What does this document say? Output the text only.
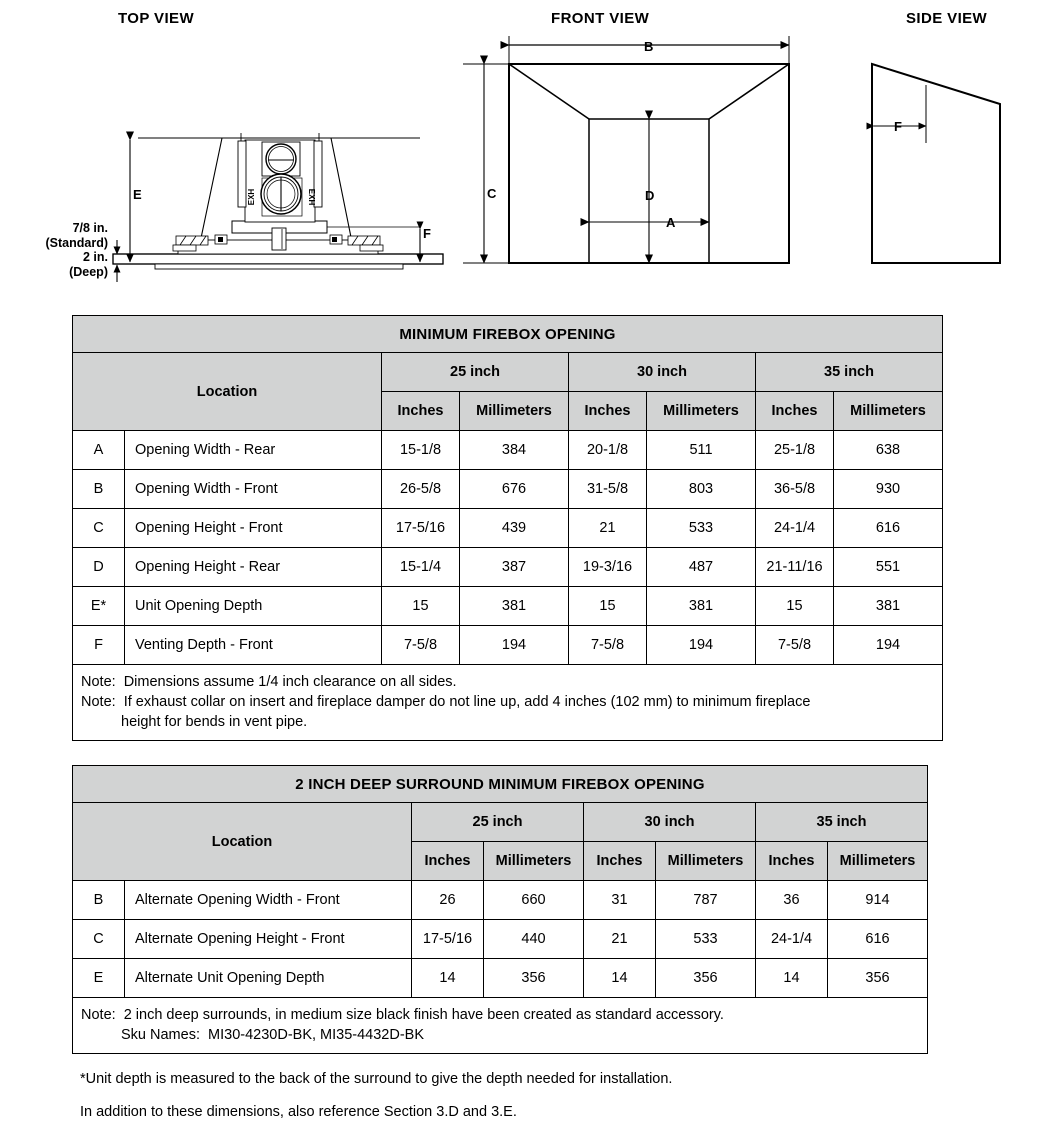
TOP VIEW	FRONT VIEW	SIDE VIEW
EXH	EXH
E
F
B
C	D
A
F
7/8 in.
(Standard)
2 in.
(Deep)
MINIMUM FIREBOX OPENING							
Location		25 inch		30 inch		35 inch	
		Inches	Millimeters	Inches	Millimeters	Inches	Millimeters
A	Opening Width - Rear	15-1/8	384	20-1/8	511	25-1/8	638
B	Opening Width - Front	26-5/8	676	31-5/8	803	36-5/8	930
C	Opening Height - Front	17-5/16	439	21	533	24-1/4	616
D	Opening Height - Rear	15-1/4	387	19-3/16	487	21-11/16	551
E*	Unit Opening Depth	15	381	15	381	15	381
F	Venting Depth - Front	7-5/8	194	7-5/8	194	7-5/8	194

Note:  Dimensions assume 1/4 inch clearance on all sides.
Note:  If exhaust collar on insert and fireplace damper do not line up, add 4 inches (102 mm) to minimum fireplace
height for bends in vent pipe.							
2 INCH DEEP SURROUND MINIMUM FIREBOX OPENING							
Location		25 inch		30 inch		35 inch	
		Inches	Millimeters	Inches	Millimeters	Inches	Millimeters
B	Alternate Opening Width - Front	26	660	31	787	36	914
C	Alternate Opening Height - Front	17-5/16	440	21	533	24-1/4	616
E	Alternate Unit Opening Depth	14	356	14	356	14	356

Note:  2 inch deep surrounds, in medium size black finish have been created as standard accessory.
Sku Names:  MI30-4230D-BK, MI35-4432D-BK							
*Unit depth is measured to the back of the surround to give the depth needed for installation.
In addition to these dimensions, also reference Section 3.D and 3.E.
